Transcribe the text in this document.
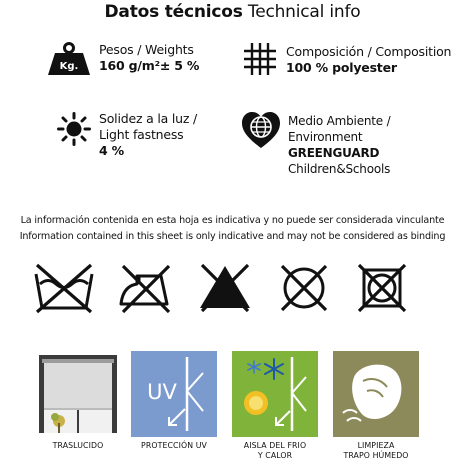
Datos técnicos Technical info
Kg.
Pesos / Weights
160 g/m²± 5 %
Composición / Composition
100 % polyester
Solidez a la luz /
Light fastness
4 %
Medio Ambiente / Environment
GREENGUARD Children&Schools
La información contenida en esta hoja es indicativa y no puede ser considerada vinculante
Information contained in this sheet is only indicative and may not be considered as binding
TRASLUCIDO
UV
PROTECCIÓN UV	AISLA DEL FRIO
Y CALOR
LIMPIEZA
TRAPO HÚMEDO
